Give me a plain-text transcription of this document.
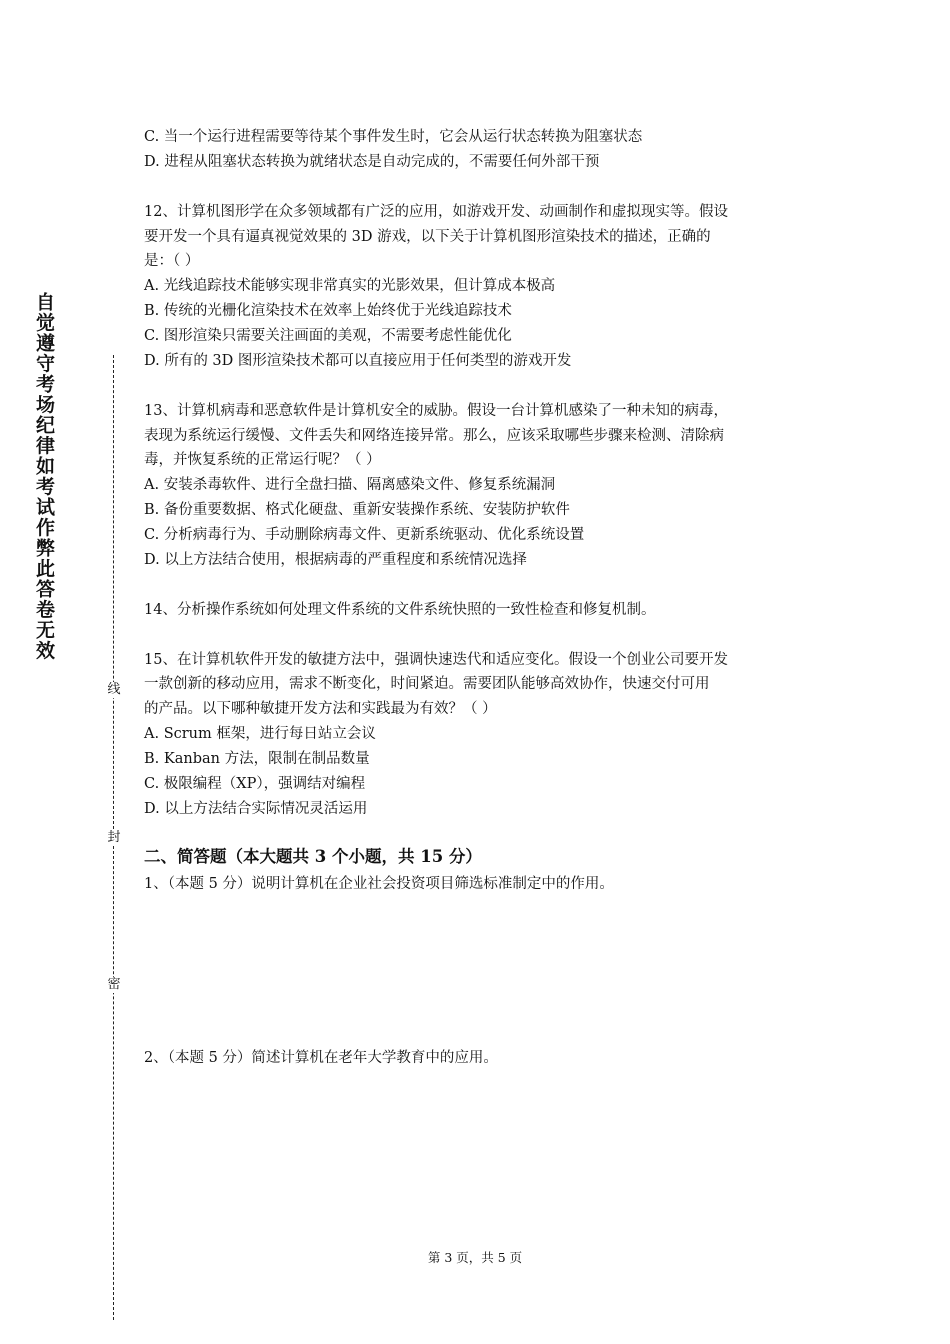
自觉遵守考场纪律如考试作弊此答卷无效
线
封
密
C. 当一个运行进程需要等待某个事件发生时，它会从运行状态转换为阻塞状态
D. 进程从阻塞状态转换为就绪状态是自动完成的，不需要任何外部干预
12、计算机图形学在众多领域都有广泛的应用，如游戏开发、动画制作和虚拟现实等。假设
要开发一个具有逼真视觉效果的 3D 游戏，以下关于计算机图形渲染技术的描述，正确的
是：（ ）
A. 光线追踪技术能够实现非常真实的光影效果，但计算成本极高
B. 传统的光栅化渲染技术在效率上始终优于光线追踪技术
C. 图形渲染只需要关注画面的美观，不需要考虑性能优化
D. 所有的 3D 图形渲染技术都可以直接应用于任何类型的游戏开发
13、计算机病毒和恶意软件是计算机安全的威胁。假设一台计算机感染了一种未知的病毒，
表现为系统运行缓慢、文件丢失和网络连接异常。那么，应该采取哪些步骤来检测、清除病
毒，并恢复系统的正常运行呢？（ ）
A. 安装杀毒软件、进行全盘扫描、隔离感染文件、修复系统漏洞
B. 备份重要数据、格式化硬盘、重新安装操作系统、安装防护软件
C. 分析病毒行为、手动删除病毒文件、更新系统驱动、优化系统设置
D. 以上方法结合使用，根据病毒的严重程度和系统情况选择
14、分析操作系统如何处理文件系统的文件系统快照的一致性检查和修复机制。
15、在计算机软件开发的敏捷方法中，强调快速迭代和适应变化。假设一个创业公司要开发
一款创新的移动应用，需求不断变化，时间紧迫。需要团队能够高效协作，快速交付可用
的产品。以下哪种敏捷开发方法和实践最为有效？（ ）
A. Scrum 框架，进行每日站立会议
B. Kanban 方法，限制在制品数量
C. 极限编程（XP），强调结对编程
D. 以上方法结合实际情况灵活运用
二、简答题（本大题共 3 个小题，共 15 分）
1、（本题 5 分）说明计算机在企业社会投资项目筛选标准制定中的作用。
2、（本题 5 分）简述计算机在老年大学教育中的应用。
第 3 页，共 5 页
